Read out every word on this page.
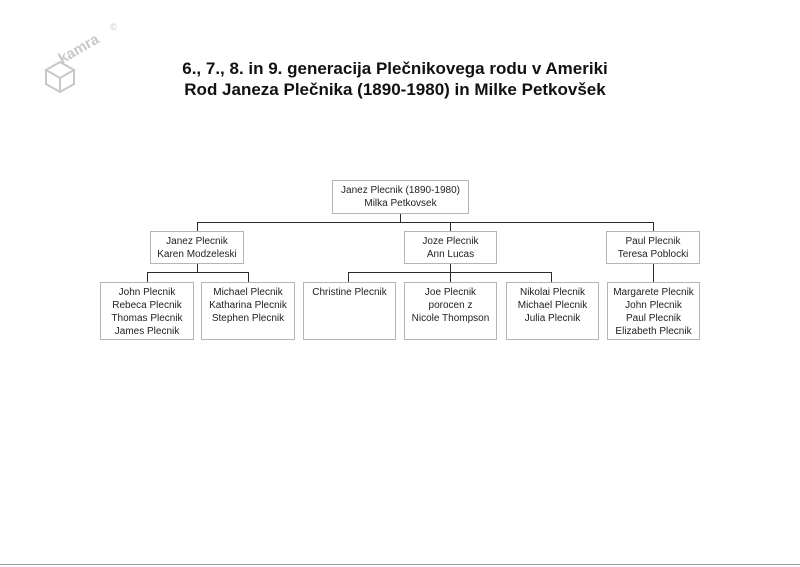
kamra
©
6., 7., 8. in 9. generacija Plečnikovega rodu v Ameriki
Rod Janeza Plečnika (1890-1980) in Milke Petkovšek
Janez Plecnik (1890-1980)
Milka Petkovsek
Janez Plecnik
Karen Modzeleski
Joze Plecnik
Ann Lucas
Paul Plecnik
Teresa Poblocki
John Plecnik
Rebeca Plecnik
Thomas Plecnik
James Plecnik
Michael Plecnik
Katharina Plecnik
Stephen Plecnik
Christine Plecnik	Joe Plecnik
porocen z
Nicole Thompson
Nikolai Plecnik
Michael Plecnik
Julia Plecnik
Margarete Plecnik
John Plecnik
Paul Plecnik
Elizabeth Plecnik
